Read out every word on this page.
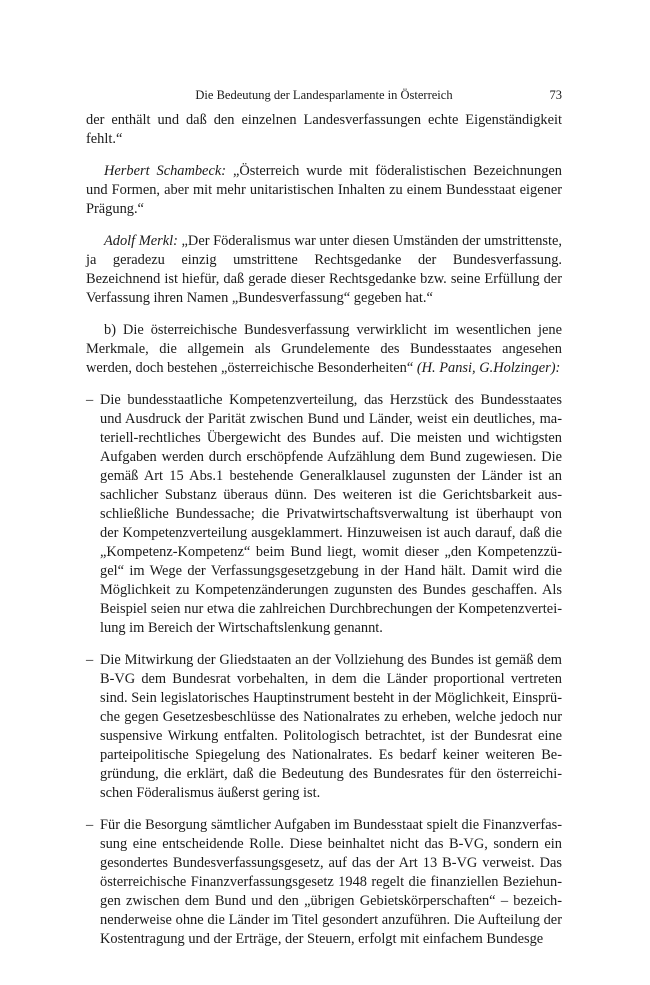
Die Bedeutung der Landesparlamente in Österreich	73

der enthält und daß den einzelnen Landesverfassungen echte Eigenständigkeit fehlt.“

Herbert Schambeck: „Österreich wurde mit föderalistischen Bezeichnungen und Formen, aber mit mehr unitaristischen Inhalten zu einem Bundesstaat eigener Prägung.“

Adolf Merkl: „Der Föderalismus war unter diesen Umständen der umstrittenste, ja geradezu einzig umstrittene Rechtsgedanke der Bundesverfassung. Bezeichnend ist hiefür, daß gerade dieser Rechtsgedanke bzw. seine Erfüllung der Verfassung ihren Namen „Bundesverfassung“ gegeben hat.“

b) Die österreichische Bundesverfassung verwirklicht im wesentlichen jene Merkmale, die allgemein als Grundelemente des Bundesstaates angesehen werden, doch bestehen „österreichische Besonderheiten“ (H. Pansi, G.Holzinger):

– Die bundesstaatliche Kompetenzverteilung, das Herzstück des Bundesstaates und Ausdruck der Parität zwischen Bund und Länder, weist ein deutliches, materiell-rechtliches Übergewicht des Bundes auf. Die meisten und wichtigsten Aufgaben werden durch erschöpfende Aufzählung dem Bund zugewiesen. Die gemäß Art 15 Abs.1 bestehende Generalklausel zugunsten der Länder ist an sachlicher Substanz überaus dünn. Des weiteren ist die Gerichtsbarkeit ausschließliche Bundessache; die Privatwirtschaftsverwaltung ist überhaupt von der Kompetenzverteilung ausgeklammert. Hinzuweisen ist auch darauf, daß die „Kompetenz-Kompetenz“ beim Bund liegt, womit dieser „den Kompetenzzügel“ im Wege der Verfassungsgesetzgebung in der Hand hält. Damit wird die Möglichkeit zu Kompetenzänderungen zugunsten des Bundes geschaffen. Als Beispiel seien nur etwa die zahlreichen Durchbrechungen der Kompetenzverteilung im Bereich der Wirtschaftslenkung genannt.
– Die Mitwirkung der Gliedstaaten an der Vollziehung des Bundes ist gemäß dem B-VG dem Bundesrat vorbehalten, in dem die Länder proportional vertreten sind. Sein legislatorisches Hauptinstrument besteht in der Möglichkeit, Einsprüche gegen Gesetzesbeschlüsse des Nationalrates zu erheben, welche jedoch nur suspensive Wirkung entfalten. Politologisch betrachtet, ist der Bundesrat eine parteipolitische Spiegelung des Nationalrates. Es bedarf keiner weiteren Begründung, die erklärt, daß die Bedeutung des Bundesrates für den österreichischen Föderalismus äußerst gering ist.
– Für die Besorgung sämtlicher Aufgaben im Bundesstaat spielt die Finanzverfassung eine entscheidende Rolle. Diese beinhaltet nicht das B-VG, sondern ein gesondertes Bundesverfassungsgesetz, auf das der Art 13 B-VG verweist. Das österreichische Finanzverfassungsgesetz 1948 regelt die finanziellen Beziehungen zwischen dem Bund und den „übrigen Gebietskörperschaften“ – bezeichnenderweise ohne die Länder im Titel gesondert anzuführen. Die Aufteilung der Kostentragung und der Erträge, der Steuern, erfolgt mit einfachem Bundesge
